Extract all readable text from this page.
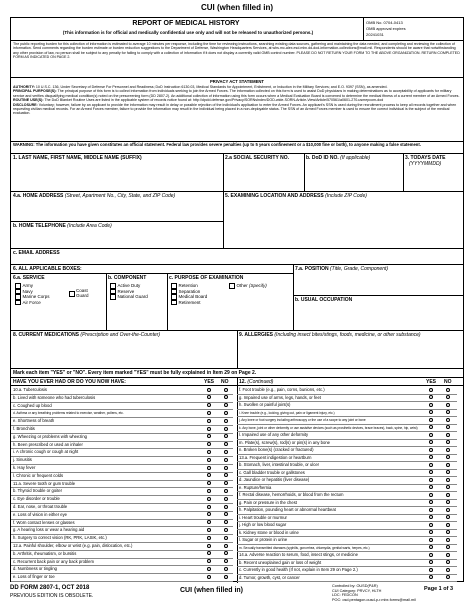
CUI (when filled in)
REPORT OF MEDICAL HISTORY
(This information is for official and medically confidential use only and will not be released to unauthorized persons.)
OMB No. 0704-0413
OMB approval expires
20241031
The public reporting burden for this collection of information is estimated to average 10 minutes per response, including the time for reviewing instructions, searching existing data sources, gathering and maintaining the data needed, and completing and reviewing the collection of information. Send comments regarding the burden estimate or burden reduction suggestions to the Department of Defense, Washington Headquarters Services, at whs.mc-alex.esd.mbx.dd-dod-information-collections@mail.mil. Respondents should be aware that notwithstanding any other provision of law, no person shall be subject to any penalty for failing to comply with a collection of information if it does not display a currently valid OMB control number. PLEASE DO NOT RETURN YOUR FORM TO THE ABOVE ORGANIZATION. RETURN COMPLETED FORM AS INDICATED ON PAGE 2.
PRIVACY ACT STATEMENT
AUTHORITY: 10 U.S.C. 136, Under Secretary of Defense For Personnel and Readiness; DoD Instruction 6130.03, Medical Standards for Appointment, Enlistment, or Induction in the Military Services; and E.O. 9397 (SSN), as amended.
PRINCIPAL PURPOSE(S): The principal purpose of this form is to collect information from individuals seeking to join the Armed Forces. The information collected on this form is used to assist DoD physicians in making determinations as to acceptability of applicants for military service and verifies disqualifying medical condition(s) noted on the prescreening form (DD 2807-2). An additional collection of information using this form occurs when a Medical Evaluation Board is convened to determine the medical fitness of a current member of an Armed Forces.
ROUTINE USE(S): The DoD Blanket Routine Uses are listed in the applicable system of records notice found at: http://dpcld.defense.gov/Privacy/SORNsIndex/DOD-wide-SORN-Article-View/Article/570561/a0601-270-usmepcom-dod
DISCLOSURE: Voluntary; however, failure by an applicant to provide the information may result in delay or possible rejection of the individual's application to enter the Armed Forces. An applicant's SSN is used during the recruitment process to keep all records together and when requesting civilian medical records. For an Armed Forces member, failure to provide the information may result in the individual being placed in a non-deployable status. The SSN of an Armed Forces member is used to ensure the correct individual is the subject of the medical evaluation.
WARNING: The information you have given constitutes an official statement. Federal law provides severe penalties (up to 5 years confinement or a $10,000 fine or both), to anyone making a false statement.
1. LAST NAME, FIRST NAME, MIDDLE NAME (SUFFIX)	2.a SOCIAL SECURITY NO.	b. DoD ID NO. (If applicable)	3. TODAYS DATE
(YYYYMMDD)
4.a. HOME ADDRESS (Street, Apartment No., City, State, and ZIP Code)	5. EXAMINING LOCATION AND ADDRESS (Include ZIP Code)
b. HOME TELEPHONE (Include Area Code)
c. EMAIL ADDRESS
6. ALL APPLICABLE BOXES:	7.a. POSITION (Title, Grade, Component)
6.a. SERVICE	b. COMPONENT	c. PURPOSE OF EXAMINATION
b. USUAL OCCUPATION
Army
Navy
Marine Corps
Air Force
Coast
Guard
Active Duty
Reserve
National Guard
Retention
Separation
Medical Board
Retirement
Other (Specify)
8. CURRENT MEDICATIONS (Prescription and Over-the-Counter)	9. ALLERGIES (Including insect bites/stings, foods, medicine, or other substance)
Mark each item "YES" or "NO". Every item marked "YES" must be fully explained in Item 29 on Page 2.
HAVE YOU EVER HAD OR DO YOU NOW HAVE:	YES NO 12. (Continued)	YES NO
10.a. Tuberculosis
b. Lived with someone who had tuberculosis
c. Coughed up blood
d. Asthma or any breathing problems related to exercise, weather, pollens, etc.
e. Shortness of breath
f. Bronchitis
g. Wheezing or problems with wheezing
h. Been prescribed or used an inhaler
i. A chronic cough or cough at night
j. Sinusitis
k. Hay fever
l. Chronic or frequent colds
11.a. Severe tooth or gum trouble
b. Thyroid trouble or goiter
c. Eye disorder or trouble
d. Ear, nose, or throat trouble
e. Loss of vision in either eye
f. Worn contact lenses or glasses
g. A hearing loss or wear a hearing aid
h. Surgery to correct vision (RK, PRK, LASIK, etc.)
12.a. Painful shoulder, elbow or wrist (e.g. pain, dislocation, etc.)
b. Arthritis, rheumatism, or bursitis
c. Recurrent back pain or any back problem
d. Numbness or tingling
e. Loss of finger or toe
f. Foot trouble (e.g., pain, corns, bunions, etc.)
g. Impaired use of arms, legs, hands, or feet
h. Swollen or painful joint(s)
i. Knee trouble (e.g., locking, giving out, pain or ligament injury, etc.)
j. Any knee or foot surgery including arthroscopy or the use of a scope to any joint or bone
k. Any bone, joint or other deformity or use assistive devices (such as prosthetic devices, brace braces), back, spine, hip, wrist)
l. Impaired use of any other deformity
m. Plate(s), screw(s), rod(s) or pin(s) in any bone
n. Broken bone(s) (cracked or fractured)
13.a. Frequent indigestion or heartburn
b. Stomach, liver, intestinal trouble, or ulcer
c. Gall bladder trouble or gallstones
d. Jaundice or hepatitis (liver disease)
e. Rupture/hernia
f. Rectal disease, hemorrhoids, or blood from the rectum
g. Pain or pressure in the chest
h. Palpitation, pounding heart or abnormal heartbeat
i. Heart trouble or murmur
j. High or low blood sugar
k. Kidney stone or blood in urine
l. Sugar or protein in urine
m. Sexually transmitted diseases (syphilis, gonorrhea, chlamydia, genital warts, herpes, etc.)
14.a. Adverse reaction to serum, food, insect stings, or medicine
b. Recent unexplained gain or loss of weight
c. Currently in good health (If not, explain in Item 29 on Page 2.)
d. Tumor, growth, cyst, or cancer
DD FORM 2807-1, OCT 2018
PREVIOUS EDITION IS OBSOLETE.
CUI (when filled in)
Controlled by: OUSD(P&R)
CUI Category: PRVCY, HLTH
LDC: FEDCON
POC: osd.pentagon.ousd-p-r.mbx.forms@mail.mil
Page 1 of 3
